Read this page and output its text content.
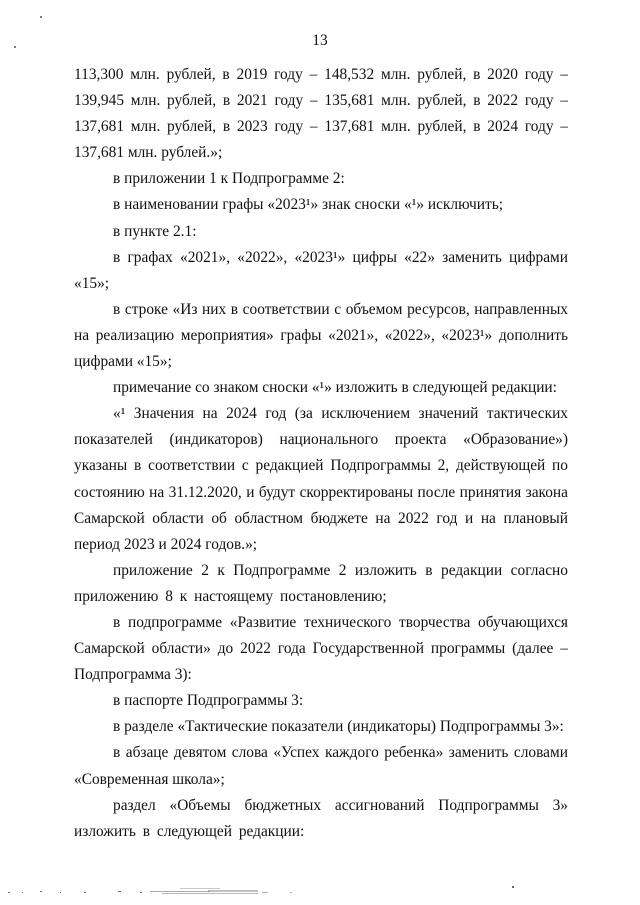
13

113,300 млн. рублей, в 2019 году – 148,532 млн. рублей, в 2020 году – 139,945 млн. рублей, в 2021 году – 135,681 млн. рублей, в 2022 году – 137,681 млн. рублей, в 2023 году – 137,681 млн. рублей, в 2024 году – 137,681 млн. рублей.»;

в приложении 1 к Подпрограмме 2:

в наименовании графы «2023¹» знак сноски «¹» исключить;

в пункте 2.1:

в графах «2021», «2022», «2023¹» цифры «22» заменить цифрами «15»;

в строке «Из них в соответствии с объемом ресурсов, направленных на реализацию мероприятия» графы «2021», «2022», «2023¹» дополнить цифрами «15»;

примечание со знаком сноски «¹» изложить в следующей редакции:

«¹ Значения на 2024 год (за исключением значений тактических показателей (индикаторов) национального проекта «Образование») указаны в соответствии с редакцией Подпрограммы 2, действующей по состоянию на 31.12.2020, и будут скорректированы после принятия закона Самарской области об областном бюджете на 2022 год и на плановый период 2023 и 2024 годов.»;

приложение 2 к Подпрограмме 2 изложить в редакции согласно приложению 8 к настоящему постановлению;

в подпрограмме «Развитие технического творчества обучающихся Самарской области» до 2022 года Государственной программы (далее – Подпрограмма 3):

в паспорте Подпрограммы 3:

в разделе «Тактические показатели (индикаторы) Подпрограммы 3»:

в абзаце девятом слова «Успех каждого ребенка» заменить словами «Современная школа»;

раздел «Объемы бюджетных ассигнований Подпрограммы 3» изложить в следующей редакции:
